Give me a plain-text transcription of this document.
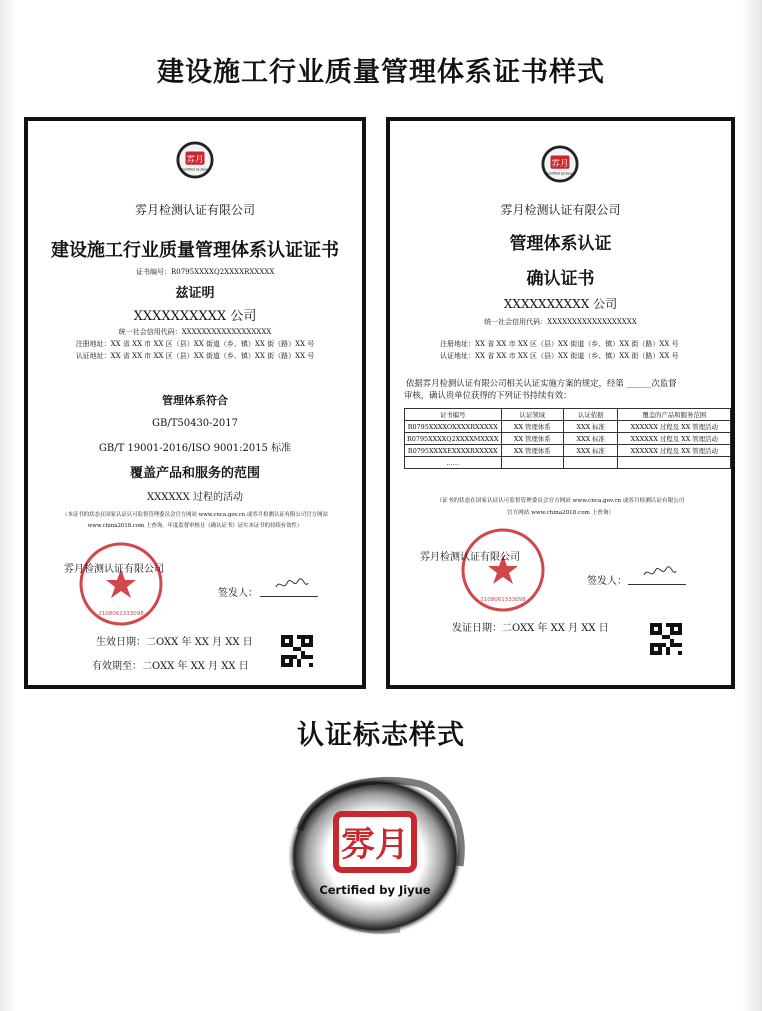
建设施工行业质量管理体系证书样式
雰月
Certified by Jiyue
雰月检测认证有限公司
建设施工行业质量管理体系认证证书
证书编号：R0795XXXXQ2XXXXRXXXXX
兹证明
XXXXXXXXXX 公司
统一社会信用代码：XXXXXXXXXXXXXXXXXX
注册地址：XX 省 XX 市 XX 区（县）XX 街道（乡、镇）XX 街（路）XX 号
认证地址：XX 省 XX 市 XX 区（县）XX 街道（乡、镇）XX 街（路）XX 号
管理体系符合
GB/T50430-2017
GB/T 19001-2016/ISO 9001:2015 标准
覆盖产品和服务的范围
XXXXXX 过程的活动
（本证书的状态在国家认证认可监督管理委员会官方网站 www.cnca.gov.cn 或雰月检测认证有限公司官方网站
www.china2018.com 上查询。年度监督审核且《确认证书》证实本证书的持续有效性）
2108061333098
雰月检测认证有限公司
签发人：
生效日期：二OXX 年 XX 月 XX 日
有效期至：二OXX 年 XX 月 XX 日
雰月
Certified by Jiyue
雰月检测认证有限公司
管理体系认证
确认证书
XXXXXXXXXX 公司
统一社会信用代码：XXXXXXXXXXXXXXXXXX
注册地址：XX 省 XX 市 XX 区（县）XX 街道（乡、镇）XX 街（路）XX 号
认证地址：XX 省 XX 市 XX 区（县）XX 街道（乡、镇）XX 街（路）XX 号
依据雰月检测认证有限公司相关认证实施方案的规定，经第 ______次监督
审核，确认贵单位获得的下列证书持续有效：
证书编号	认证领域	认证依据	覆盖的产品和服务范围
R0795XXXXOXXXXRXXXXX	XX 管理体系	XXX 标准	XXXXXX 过程及 XX 管理活动
R0795XXXXQ2XXXXMXXXX	XX 管理体系	XXX 标准	XXXXXX 过程及 XX 管理活动
R0795XXXXEXXXXRXXXXX	XX 管理体系	XXX 标准	XXXXXX 过程及 XX 管理活动
……			
（证书的状态在国家认证认可监督管理委员会官方网站 www.cnca.gov.cn 或雰月检测认证有限公司
官方网站 www.china2018.com 上查询）
2108061333098
雰月检测认证有限公司
签发人：
发证日期：二OXX 年 XX 月 XX 日
认证标志样式
雰月
Certified by Jiyue
